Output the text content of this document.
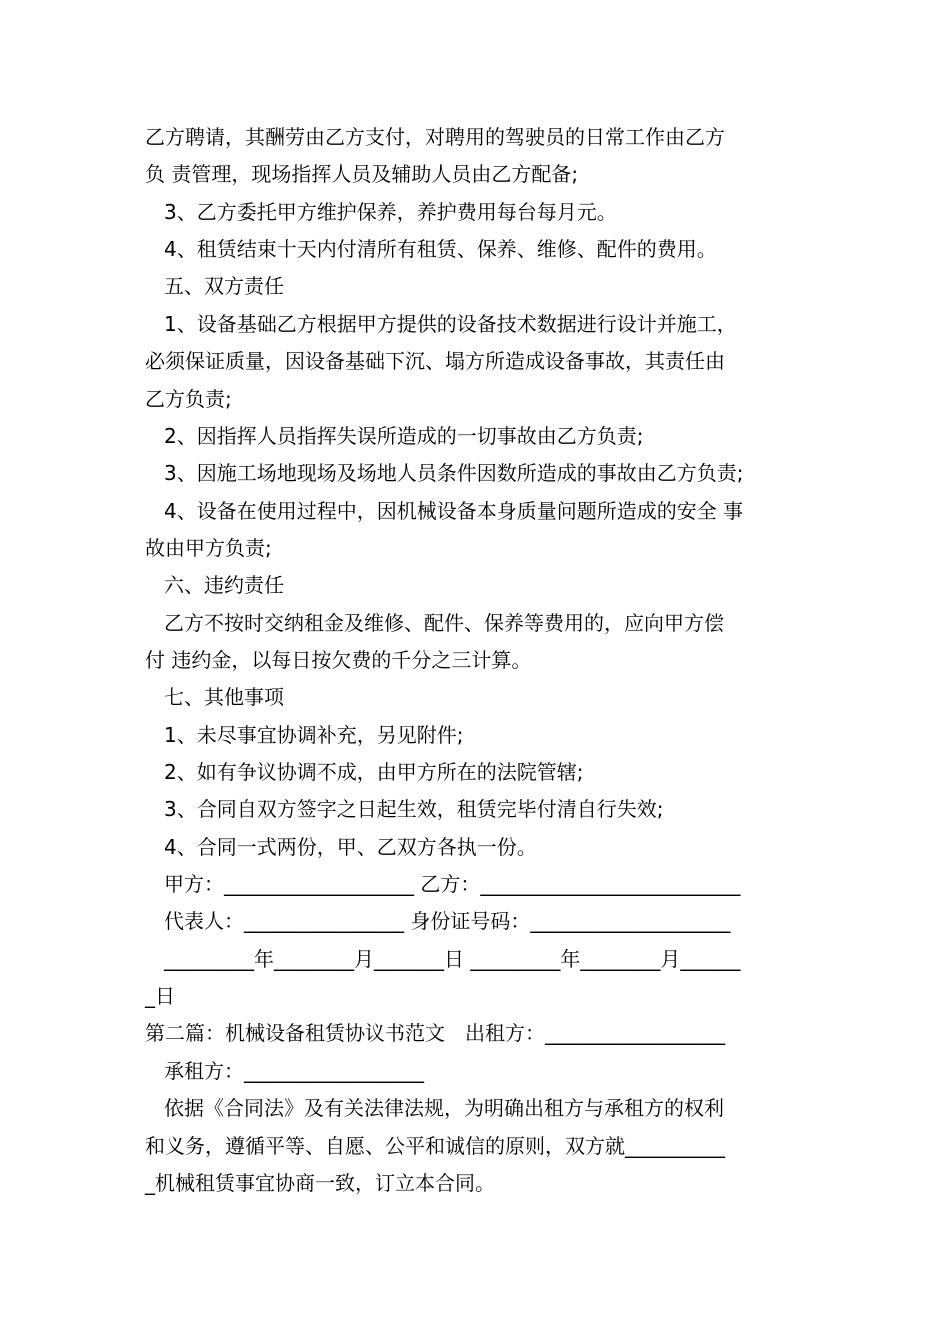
乙方聘请，其酬劳由乙方支付，对聘用的驾驶员的日常工作由乙方
负 责管理，现场指挥人员及辅助人员由乙方配备;
3、乙方委托甲方维护保养，养护费用每台每月元。
4、租赁结束十天内付清所有租赁、保养、维修、配件的费用。
五、双方责任
1、设备基础乙方根据甲方提供的设备技术数据进行设计并施工，
必须保证质量，因设备基础下沉、塌方所造成设备事故，其责任由
乙方负责;
2、因指挥人员指挥失误所造成的一切事故由乙方负责;
3、因施工场地现场及场地人员条件因数所造成的事故由乙方负责;
4、设备在使用过程中，因机械设备本身质量问题所造成的安全 事
故由甲方负责;
六、违约责任
乙方不按时交纳租金及维修、配件、保养等费用的，应向甲方偿
付 违约金，以每日按欠费的千分之三计算。
七、其他事项
1、未尽事宜协调补充，另见附件;
2、如有争议协调不成，由甲方所在的法院管辖;
3、合同自双方签字之日起生效，租赁完毕付清自行失效;
4、合同一式两份，甲、乙双方各执一份。
甲方：___________________ 乙方：__________________________
代表人：________________ 身份证号码：____________________
_________年________月_______日 _________年________月______
_日
第二篇：机械设备租赁协议书范文　出租方：__________________
承租方：__________________
依据《合同法》及有关法律法规，为明确出租方与承租方的权利
和义务，遵循平等、自愿、公平和诚信的原则，双方就__________
_机械租赁事宜协商一致，订立本合同。
